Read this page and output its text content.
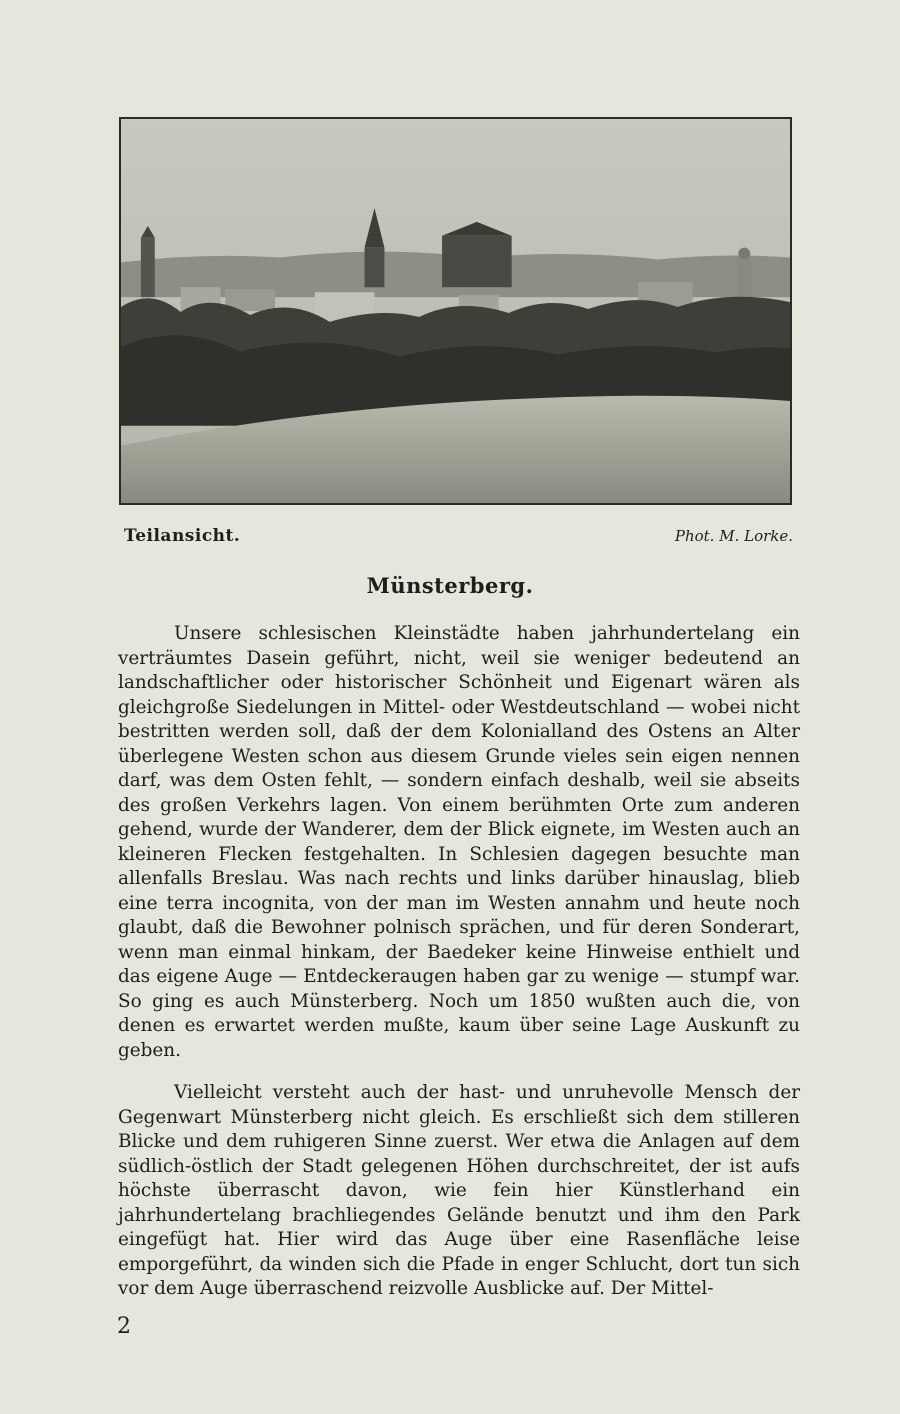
Teilansicht.	Phot. M. Lorke.
Münsterberg.

Unsere schlesischen Kleinstädte haben jahrhundertelang ein verträumtes Dasein geführt, nicht, weil sie weniger bedeutend an landschaftlicher oder historischer Schönheit und Eigenart wären als gleichgroße Siedelungen in Mittel- oder Westdeutschland — wobei nicht bestritten werden soll, daß der dem Kolonialland des Ostens an Alter überlegene Westen schon aus diesem Grunde vieles sein eigen nennen darf, was dem Osten fehlt, — sondern einfach deshalb, weil sie abseits des großen Verkehrs lagen. Von einem berühmten Orte zum anderen gehend, wurde der Wanderer, dem der Blick eignete, im Westen auch an kleineren Flecken festgehalten. In Schlesien dagegen besuchte man allenfalls Breslau. Was nach rechts und links darüber hinauslag, blieb eine terra incognita, von der man im Westen annahm und heute noch glaubt, daß die Bewohner polnisch sprächen, und für deren Sonderart, wenn man einmal hinkam, der Baedeker keine Hinweise enthielt und das eigene Auge — Entdeckeraugen haben gar zu wenige — stumpf war. So ging es auch Münsterberg. Noch um 1850 wußten auch die, von denen es erwartet werden mußte, kaum über seine Lage Auskunft zu geben.

Vielleicht versteht auch der hast- und unruhevolle Mensch der Gegenwart Münsterberg nicht gleich. Es erschließt sich dem stilleren Blicke und dem ruhigeren Sinne zuerst. Wer etwa die Anlagen auf dem südlich-östlich der Stadt gelegenen Höhen durchschreitet, der ist aufs höchste überrascht davon, wie fein hier Künstlerhand ein jahrhundertelang brachliegendes Gelände benutzt und ihm den Park eingefügt hat. Hier wird das Auge über eine Rasenfläche leise emporgeführt, da winden sich die Pfade in enger Schlucht, dort tun sich vor dem Auge überraschend reizvolle Ausblicke auf. Der Mittel-

2
